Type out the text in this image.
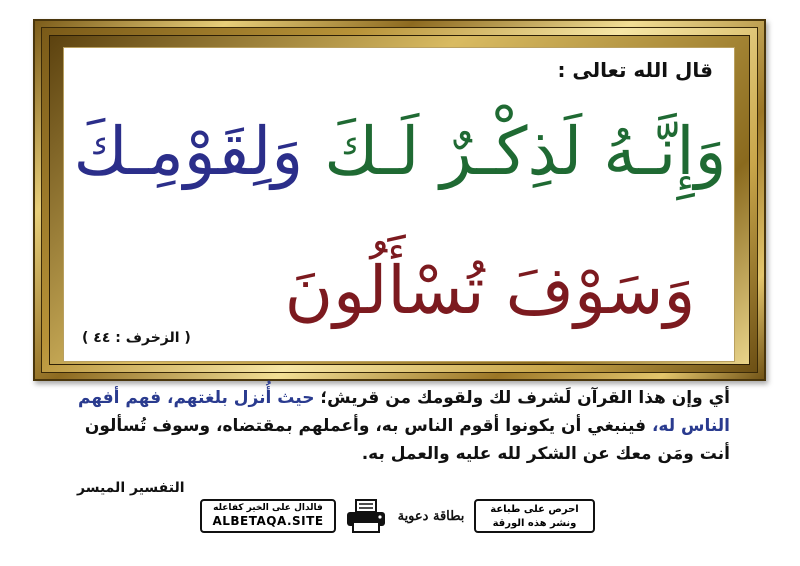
قال الله تعالى :
وَإِنَّـهُ لَذِكْـرٌ لَـكَ وَلِقَوْمِـكَ
وَسَوْفَ تُسْأَلُونَ
( الزخرف : ٤٤ )
أي وإن هذا القرآن لَشرف لك ولقومك من قريش؛ حيث أُنزل بلغتهم، فهم أفهم الناس له، فينبغي أن يكونوا أقوم الناس به، وأعملهم بمقتضاه، وسوف تُسألون أنت ومَن معك عن الشكر لله عليه والعمل به.
التفسير الميسر
فالدال على الخير كفاعله
ALBETAQA.SITE	بطاقة دعوية	احرص على طباعة
ونشر هذه الورقة
